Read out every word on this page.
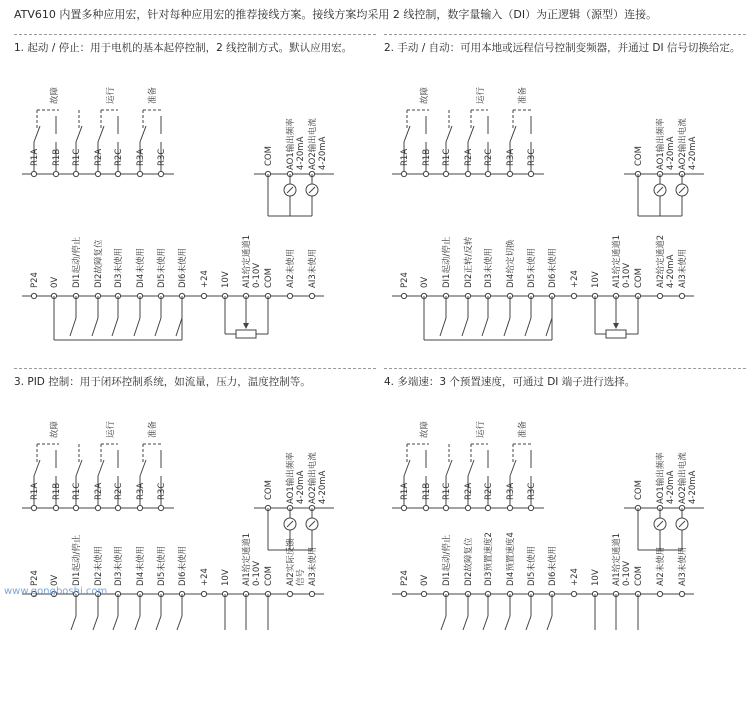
ATV610 内置多种应用宏，针对每种应用宏的推荐接线方案。接线方案均采用 2 线控制，数字量输入（DI）为正逻辑（源型）连接。
1. 起动 / 停止：用于电机的基本起停控制，2 线控制方式。默认应用宏。
故障	运行	准备
R1A R1B R1C R2A R2C R3A R3C	COM AO1输出频率 4-20mA AO2输出电流 4-20mA
P24 0V DI1起动/停止 DI2故障复位 DI3未使用 DI4未使用 DI5未使用 DI6未使用 +24 10V AI1给定通道1 0-10V COM AI2未使用 AI3未使用
2. 手动 / 自动：可用本地或远程信号控制变频器，并通过 DI 信号切换给定。
故障	运行	准备
R1A R1B R1C R2A R2C R3A R3C	COM AO1输出频率 4-20mA AO2输出电流 4-20mA
P24 0V DI1起动/停止 DI2正转/反转 DI3未使用 DI4给定切换 DI5未使用 DI6未使用 +24 10V AI1给定通道1 0-10V COM AI2给定通道2 4-20mA AI3未使用
3. PID 控制：用于闭环控制系统，如流量，压力，温度控制等。
故障	运行	准备
R1A R1B R1C R2A R2C R3A R3C	COM AO1输出频率 4-20mA AO2输出电流 4-20mA
P24 0V DI1起动/停止 DI2未使用 DI3未使用 DI4未使用 DI5未使用 DI6未使用 +24 10V AI1给定通道1 0-10V COM AI2实际反馈 信号 AI3未使用
4. 多端速：3 个预置速度，可通过 DI 端子进行选择。
故障	运行	准备
R1A R1B R1C R2A R2C R3A R3C	COM AO1输出频率 4-20mA AO2输出电流 4-20mA
P24 0V DI1起动/停止 DI2故障复位 DI3预置速度2 DI4预置速度4 DI5未使用 DI6未使用 +24 10V AI1给定通道1 0-10V COM AI2未使用 AI3未使用
www.gongboshi.com
